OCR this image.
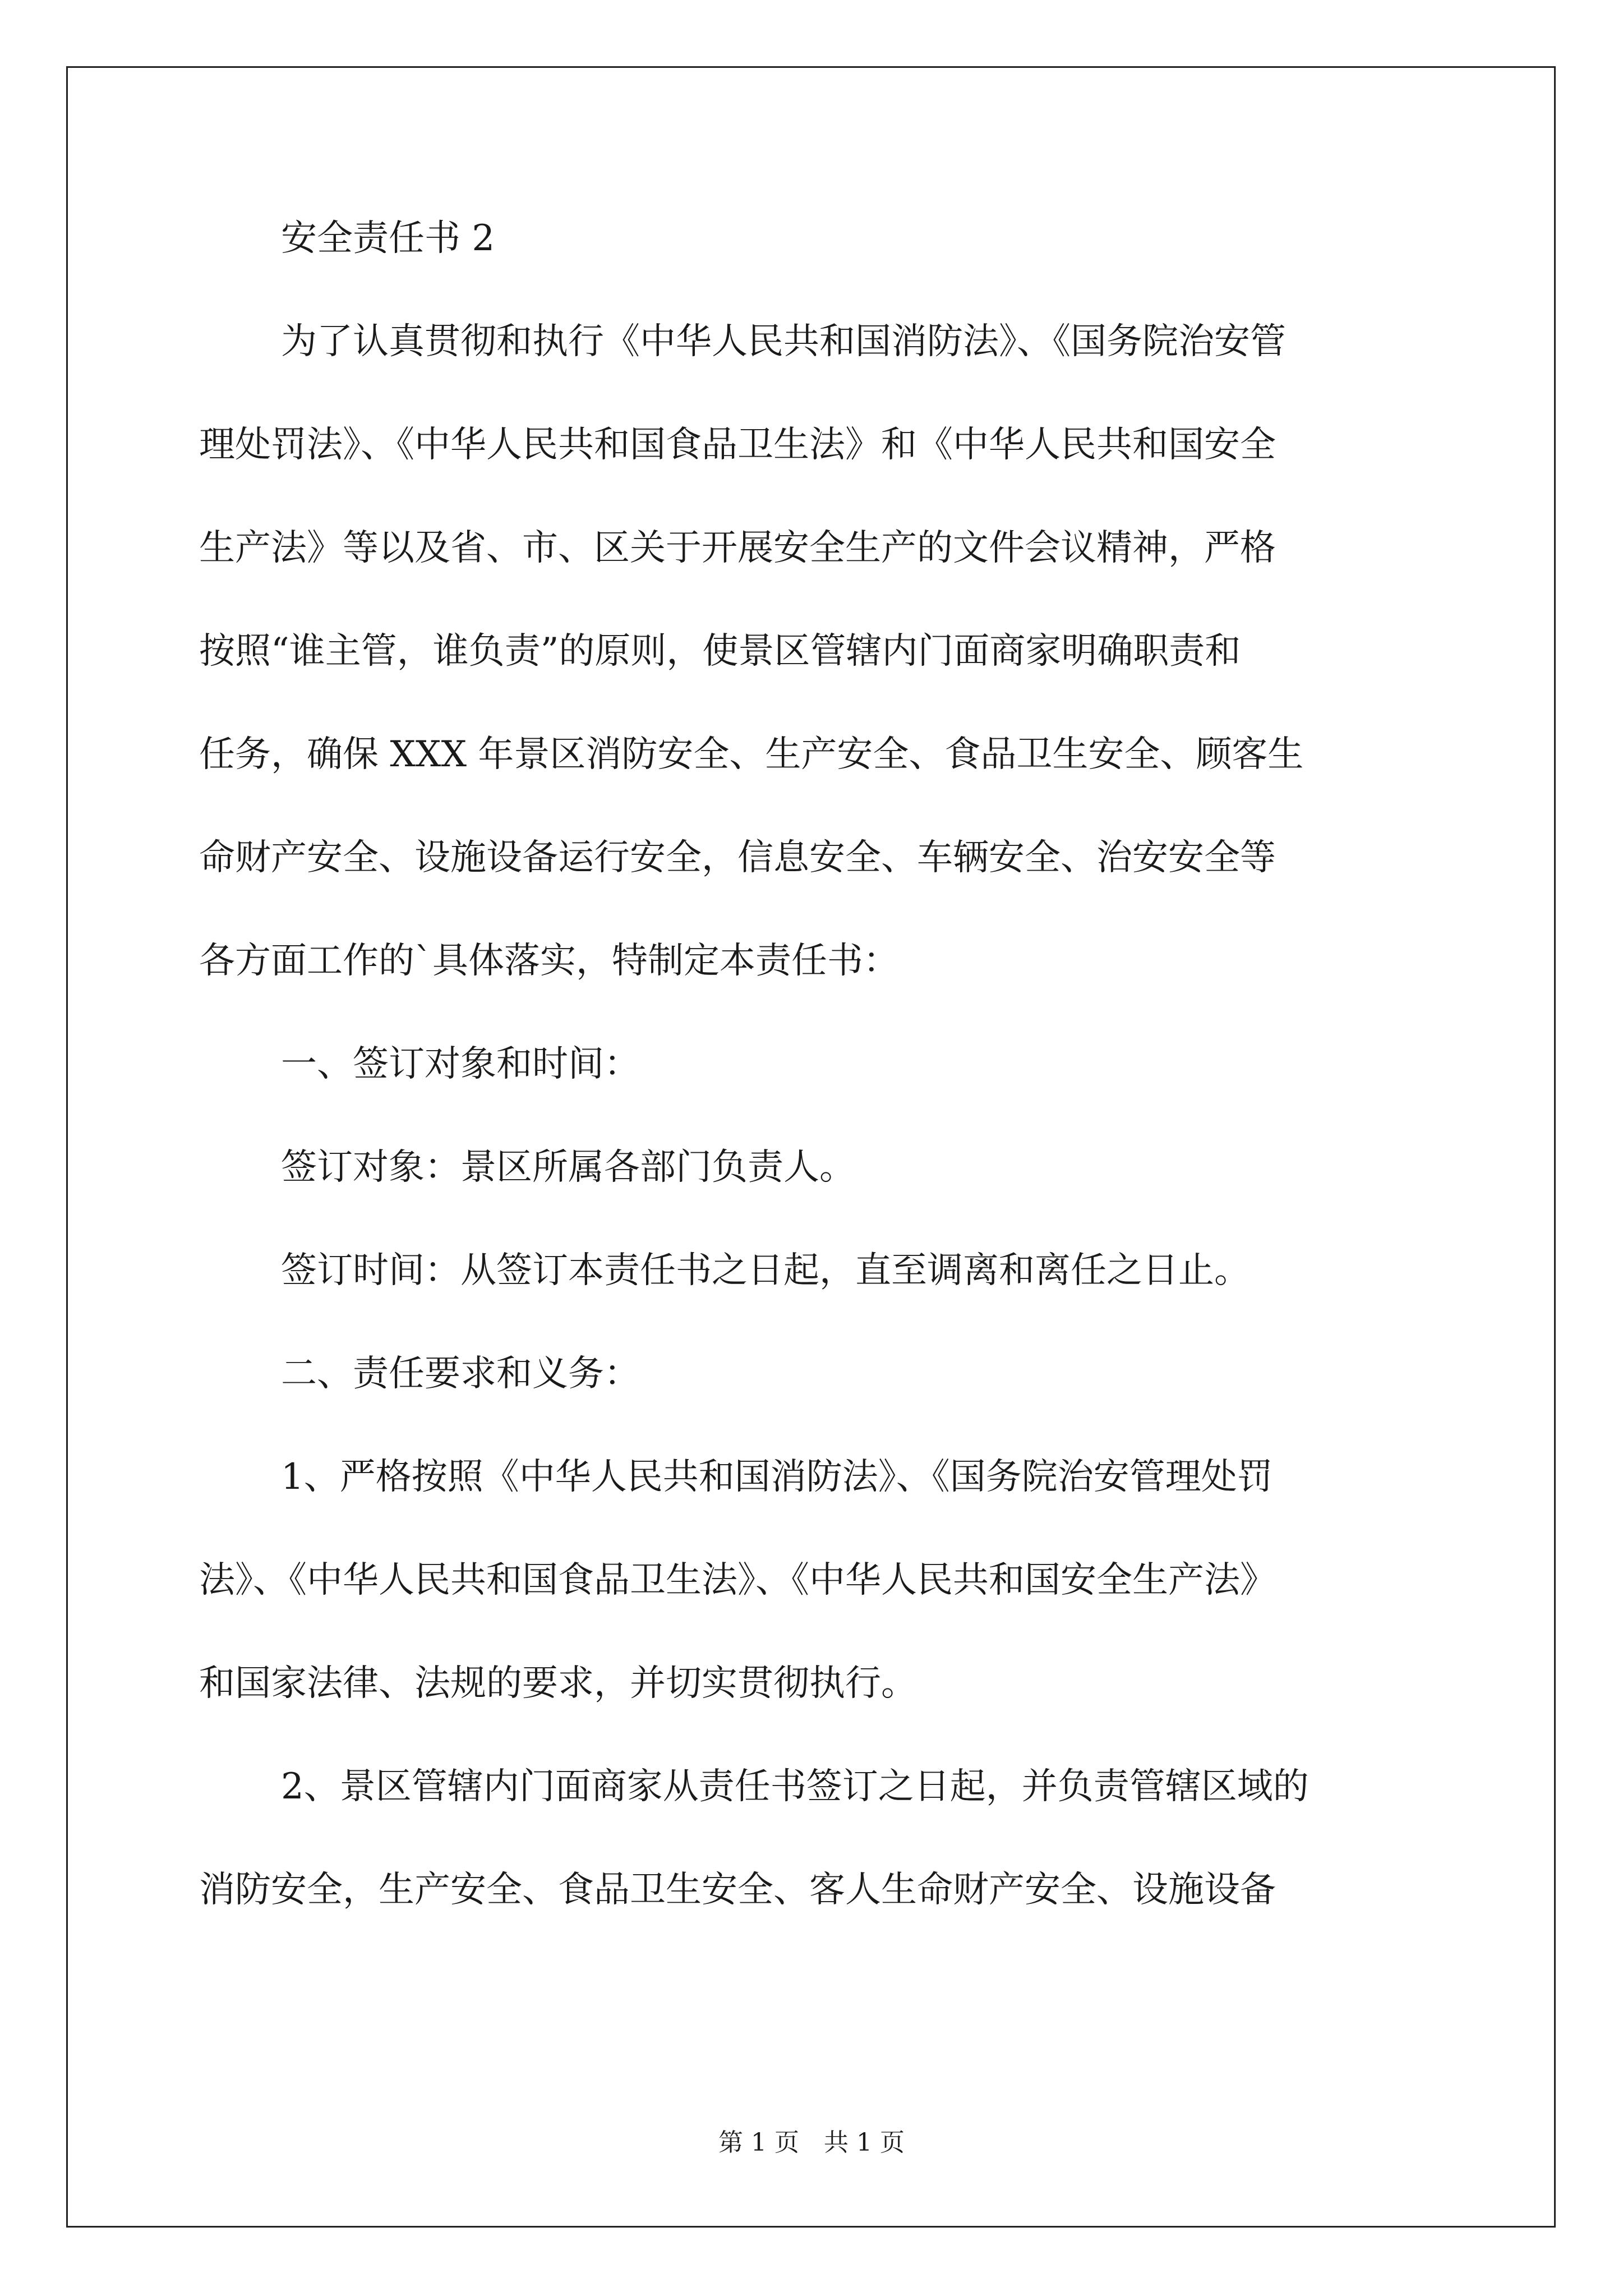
安全责任书 2
为了认真贯彻和执行《中华人民共和国消防法》、《国务院治安管
理处罚法》、《中华人民共和国食品卫生法》和《中华人民共和国安全
生产法》等以及省、市、区关于开展安全生产的文件会议精神，严格
按照“谁主管，谁负责”的原则，使景区管辖内门面商家明确职责和
任务，确保 XXX 年景区消防安全、生产安全、食品卫生安全、顾客生
命财产安全、设施设备运行安全，信息安全、车辆安全、治安安全等
各方面工作的`具体落实，特制定本责任书：
一、签订对象和时间：
签订对象：景区所属各部门负责人。
签订时间：从签订本责任书之日起，直至调离和离任之日止。
二、责任要求和义务：
1、严格按照《中华人民共和国消防法》、《国务院治安管理处罚
法》、《中华人民共和国食品卫生法》、《中华人民共和国安全生产法》
和国家法律、法规的要求，并切实贯彻执行。
2、景区管辖内门面商家从责任书签订之日起，并负责管辖区域的
消防安全，生产安全、食品卫生安全、客人生命财产安全、设施设备
第 1 页　共 1 页
